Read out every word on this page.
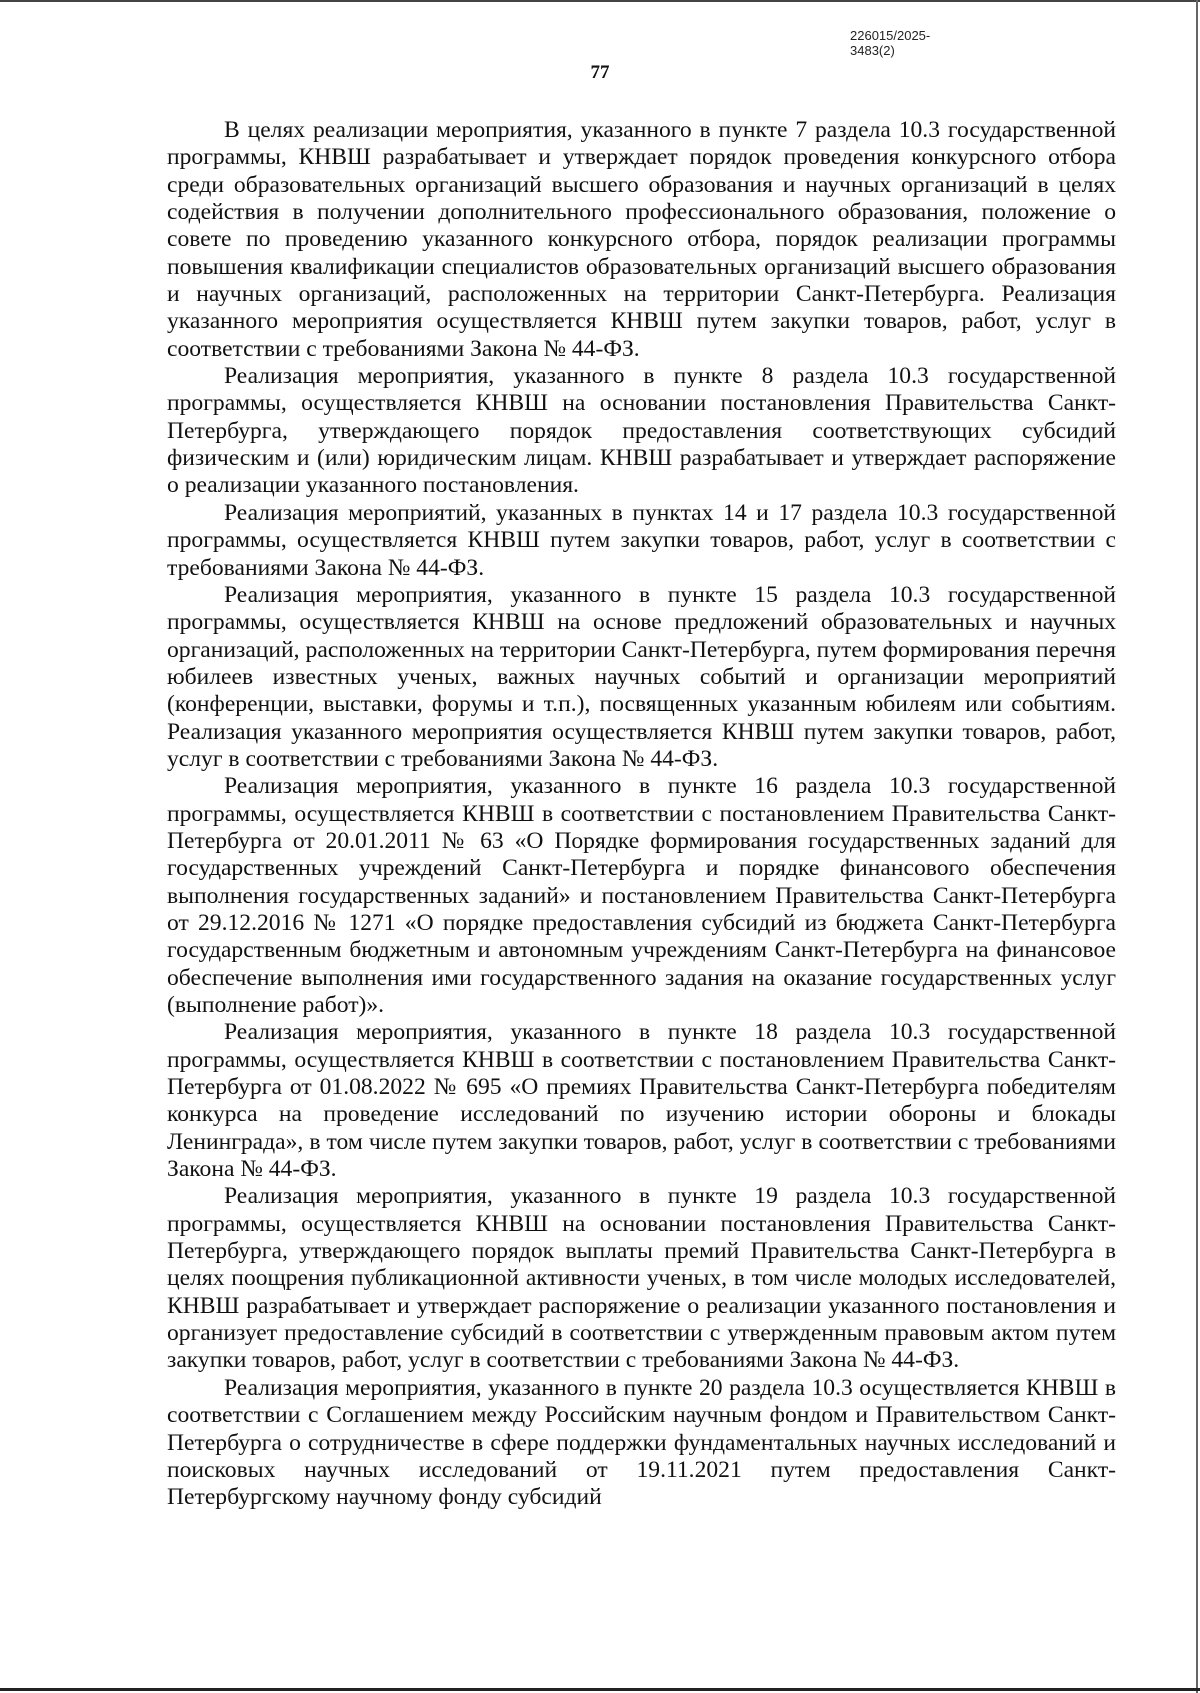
226015/2025-3483(2)
77

В целях реализации мероприятия, указанного в пункте 7 раздела 10.3 государственной программы, КНВШ разрабатывает и утверждает порядок проведения конкурсного отбора среди образовательных организаций высшего образования и научных организаций в целях содействия в получении дополнительного профессионального образования, положение о совете по проведению указанного конкурсного отбора, порядок реализации программы повышения квалификации специалистов образовательных организаций высшего образования и научных организаций, расположенных на территории Санкт-Петербурга. Реализация указанного мероприятия осуществляется КНВШ путем закупки товаров, работ, услуг в соответствии с требованиями Закона № 44-ФЗ.

Реализация мероприятия, указанного в пункте 8 раздела 10.3 государственной программы, осуществляется КНВШ на основании постановления Правительства Санкт-Петербурга, утверждающего порядок предоставления соответствующих субсидий физическим и (или) юридическим лицам. КНВШ разрабатывает и утверждает распоряжение о реализации указанного постановления.

Реализация мероприятий, указанных в пунктах 14 и 17 раздела 10.3 государственной программы, осуществляется КНВШ путем закупки товаров, работ, услуг в соответствии с требованиями Закона № 44-ФЗ.

Реализация мероприятия, указанного в пункте 15 раздела 10.3 государственной программы, осуществляется КНВШ на основе предложений образовательных и научных организаций, расположенных на территории Санкт-Петербурга, путем формирования перечня юбилеев известных ученых, важных научных событий и организации мероприятий (конференции, выставки, форумы и т.п.), посвященных указанным юбилеям или событиям. Реализация указанного мероприятия осуществляется КНВШ путем закупки товаров, работ, услуг в соответствии с требованиями Закона № 44-ФЗ.

Реализация мероприятия, указанного в пункте 16 раздела 10.3 государственной программы, осуществляется КНВШ в соответствии с постановлением Правительства Санкт-Петербурга от 20.01.2011 № 63 «О Порядке формирования государственных заданий для государственных учреждений Санкт-Петербурга и порядке финансового обеспечения выполнения государственных заданий» и постановлением Правительства Санкт-Петербурга от 29.12.2016 № 1271 «О порядке предоставления субсидий из бюджета Санкт-Петербурга государственным бюджетным и автономным учреждениям Санкт-Петербурга на финансовое обеспечение выполнения ими государственного задания на оказание государственных услуг (выполнение работ)».

Реализация мероприятия, указанного в пункте 18 раздела 10.3 государственной программы, осуществляется КНВШ в соответствии с постановлением Правительства Санкт-Петербурга от 01.08.2022 № 695 «О премиях Правительства Санкт-Петербурга победителям конкурса на проведение исследований по изучению истории обороны и блокады Ленинграда», в том числе путем закупки товаров, работ, услуг в соответствии с требованиями Закона № 44-ФЗ.

Реализация мероприятия, указанного в пункте 19 раздела 10.3 государственной программы, осуществляется КНВШ на основании постановления Правительства Санкт-Петербурга, утверждающего порядок выплаты премий Правительства Санкт-Петербурга в целях поощрения публикационной активности ученых, в том числе молодых исследователей, КНВШ разрабатывает и утверждает распоряжение о реализации указанного постановления и организует предоставление субсидий в соответствии с утвержденным правовым актом путем закупки товаров, работ, услуг в соответствии с требованиями Закона № 44-ФЗ.

Реализация мероприятия, указанного в пункте 20 раздела 10.3 осуществляется КНВШ в соответствии с Соглашением между Российским научным фондом и Правительством Санкт-Петербурга о сотрудничестве в сфере поддержки фундаментальных научных исследований и поисковых научных исследований от 19.11.2021 путем предоставления Санкт-Петербургскому научному фонду субсидий
